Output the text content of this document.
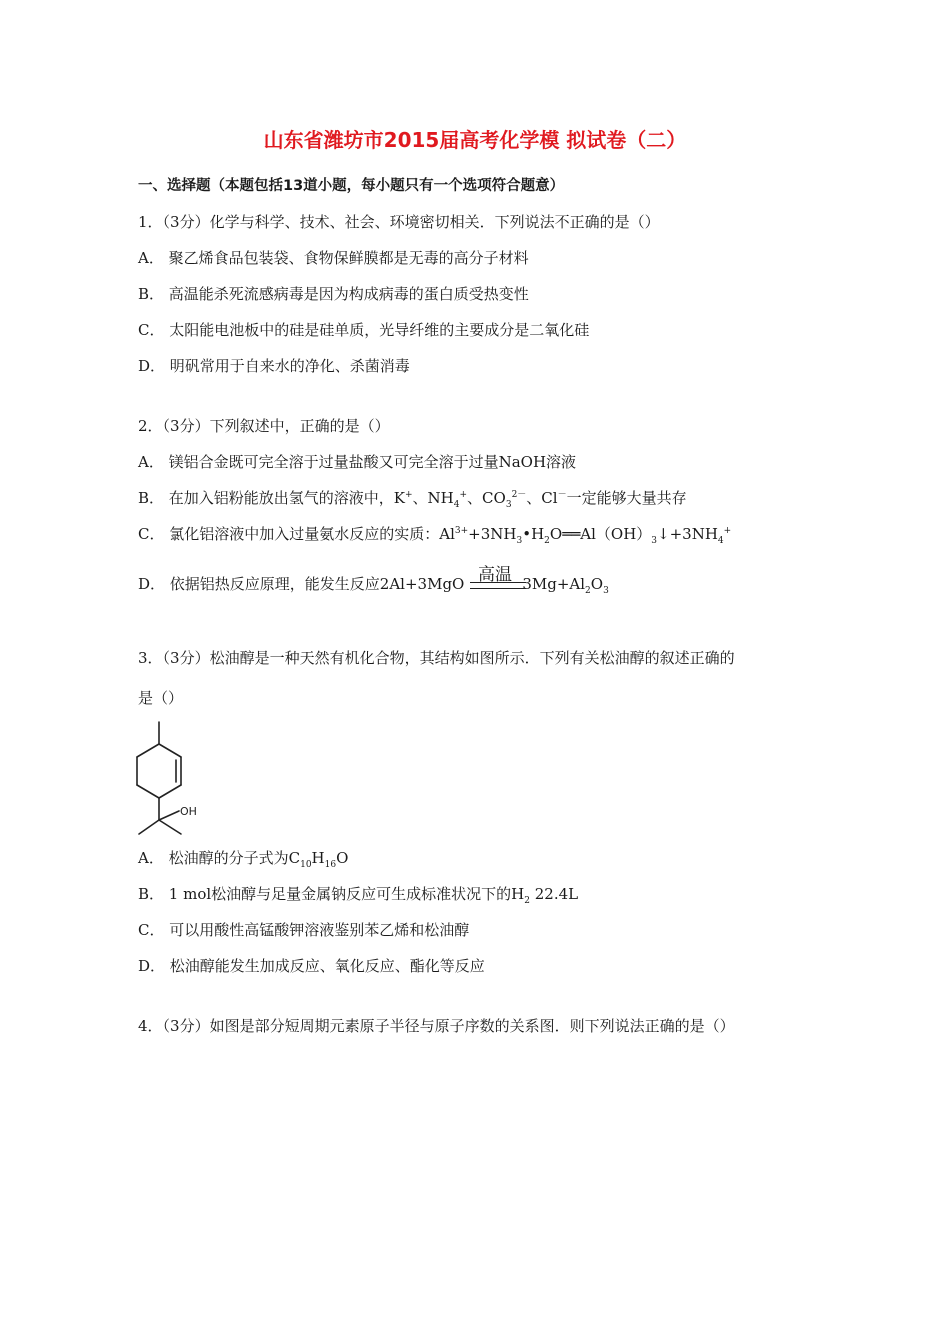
山东省潍坊市2015届高考化学模 拟试卷（二）
一、选择题（本题包括13道小题，每小题只有一个选项符合题意）
1．（3分）化学与科学、技术、社会、环境密切相关．下列说法不正确的是（）
A． 聚乙烯食品包装袋、食物保鲜膜都是无毒的高分子材料
B． 高温能杀死流感病毒是因为构成病毒的蛋白质受热变性
C． 太阳能电池板中的硅是硅单质，光导纤维的主要成分是二氧化硅
D． 明矾常用于自来水的净化、杀菌消毒
2．（3分）下列叙述中，正确的是（）
A． 镁铝合金既可完全溶于过量盐酸又可完全溶于过量NaOH溶液
B． 在加入铝粉能放出氢气的溶液中，K+、$NH_4^+$、$CO_3^{2-}$、Cl－一定能够大量共存
C． 氯化铝溶液中加入过量氨水反应的实质：$Al^{3+}+3NH_3•H_2O══Al(OH)_3↓+3NH_4^+$
D． 依据铝热反应原理，能发生反应2Al+3MgO	$3Mg+Al_2O_3$
高温
3．（3分）松油醇是一种天然有机化合物，其结构如图所示．下列有关松油醇的叙述正确的
是（）
OH
A． 松油醇的分子式为$C_{10}H_{16}O$
B． 1 mol松油醇与足量金属钠反应可生成标准状况下的$H_2$ 22.4L
C． 可以用酸性高锰酸钾溶液鉴别苯乙烯和松油醇
D． 松油醇能发生加成反应、氧化反应、酯化等反应
4．（3分）如图是部分短周期元素原子半径与原子序数的关系图．则下列说法正确的是（）
